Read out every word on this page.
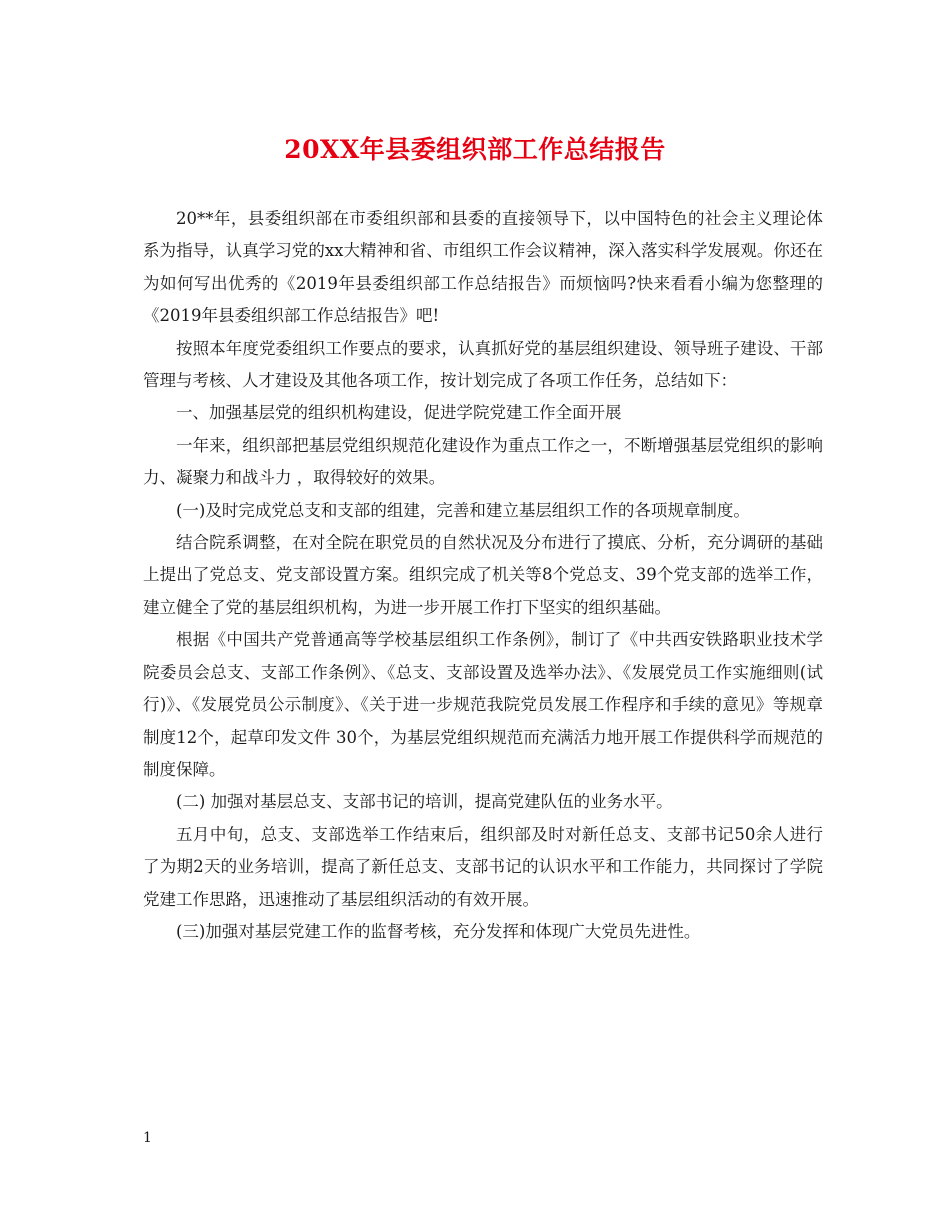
20XX年县委组织部工作总结报告

20**年，县委组织部在市委组织部和县委的直接领导下，以中国特色的社会主义理论体系为指导，认真学习党的xx大精神和省、市组织工作会议精神，深入落实科学发展观。你还在为如何写出优秀的《2019年县委组织部工作总结报告》而烦恼吗?快来看看小编为您整理的《2019年县委组织部工作总结报告》吧!

按照本年度党委组织工作要点的要求，认真抓好党的基层组织建设、领导班子建设、干部管理与考核、人才建设及其他各项工作，按计划完成了各项工作任务，总结如下：

一、加强基层党的组织机构建设，促进学院党建工作全面开展

一年来，组织部把基层党组织规范化建设作为重点工作之一，不断增强基层党组织的影响力、凝聚力和战斗力 ，取得较好的效果。

(一)及时完成党总支和支部的组建，完善和建立基层组织工作的各项规章制度。

结合院系调整，在对全院在职党员的自然状况及分布进行了摸底、分析，充分调研的基础上提出了党总支、党支部设置方案。组织完成了机关等8个党总支、39个党支部的选举工作， 建立健全了党的基层组织机构，为进一步开展工作打下坚实的组织基础。

根据《中国共产党普通高等学校基层组织工作条例》，制订了《中共西安铁路职业技术学院委员会总支、支部工作条例》、《总支、支部设置及选举办法》、《发展党员工作实施细则(试行)》、《发展党员公示制度》、《关于进一步规范我院党员发展工作程序和手续的意见》等规章制度12个，起草印发文件 30个，为基层党组织规范而充满活力地开展工作提供科学而规范的制度保障。

(二) 加强对基层总支、支部书记的培训，提高党建队伍的业务水平。

五月中旬，总支、支部选举工作结束后，组织部及时对新任总支、支部书记50余人进行了为期2天的业务培训，提高了新任总支、支部书记的认识水平和工作能力，共同探讨了学院党建工作思路，迅速推动了基层组织活动的有效开展。

(三)加强对基层党建工作的监督考核，充分发挥和体现广大党员先进性。

1
